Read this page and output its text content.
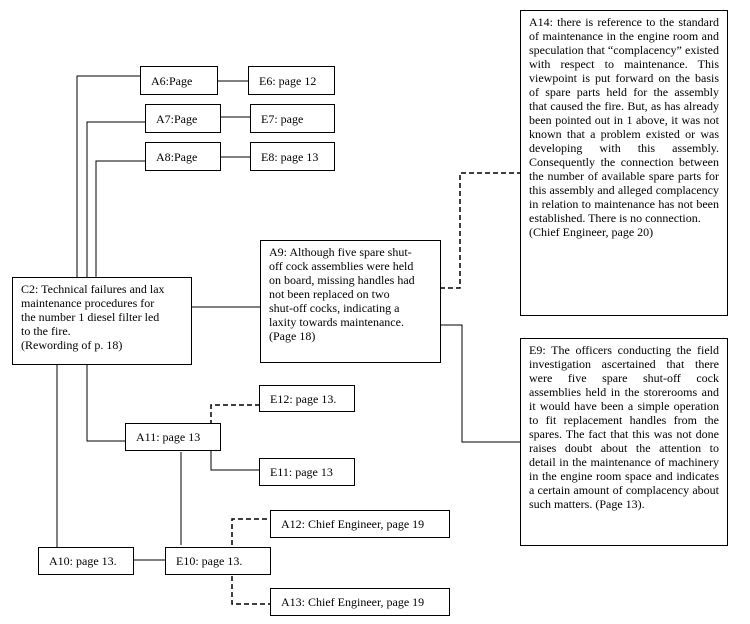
C2: Technical failures and lax
maintenance procedures for
the number 1 diesel filter led
to the fire.
(Rewording of p. 18)
A6:Page	E6: page 12
A7:Page	E7: page
A8:Page	E8: page 13
A9: Although five spare shut-
off cock assemblies were held
on board, missing handles had
not been replaced on two
shut-off cocks, indicating a
laxity towards maintenance.
(Page 18)
A14: there is reference to the standard of maintenance in the engine room and speculation that “complacency” existed with respect to maintenance. This viewpoint is put forward on the basis of spare parts held for the assembly that caused the fire. But, as has already been pointed out in 1 above, it was not known that a problem existed or was developing with this assembly. Consequently the connection between the number of available spare parts for this assembly and alleged complacency in relation to maintenance has not been established. There is no connection.
(Chief Engineer, page 20)
E9: The officers conducting the field investigation ascertained that there were five spare shut-off cock assemblies held in the storerooms and it would have been a simple operation to fit replacement handles from the spares. The fact that this was not done raises doubt about the attention to detail in the maintenance of machinery in the engine room space and indicates a certain amount of complacency about such matters. (Page 13).
E12: page 13.
A11: page 13
E11: page 13
A12: Chief Engineer, page 19
A10: page 13.	E10: page 13.
A13: Chief Engineer, page 19
